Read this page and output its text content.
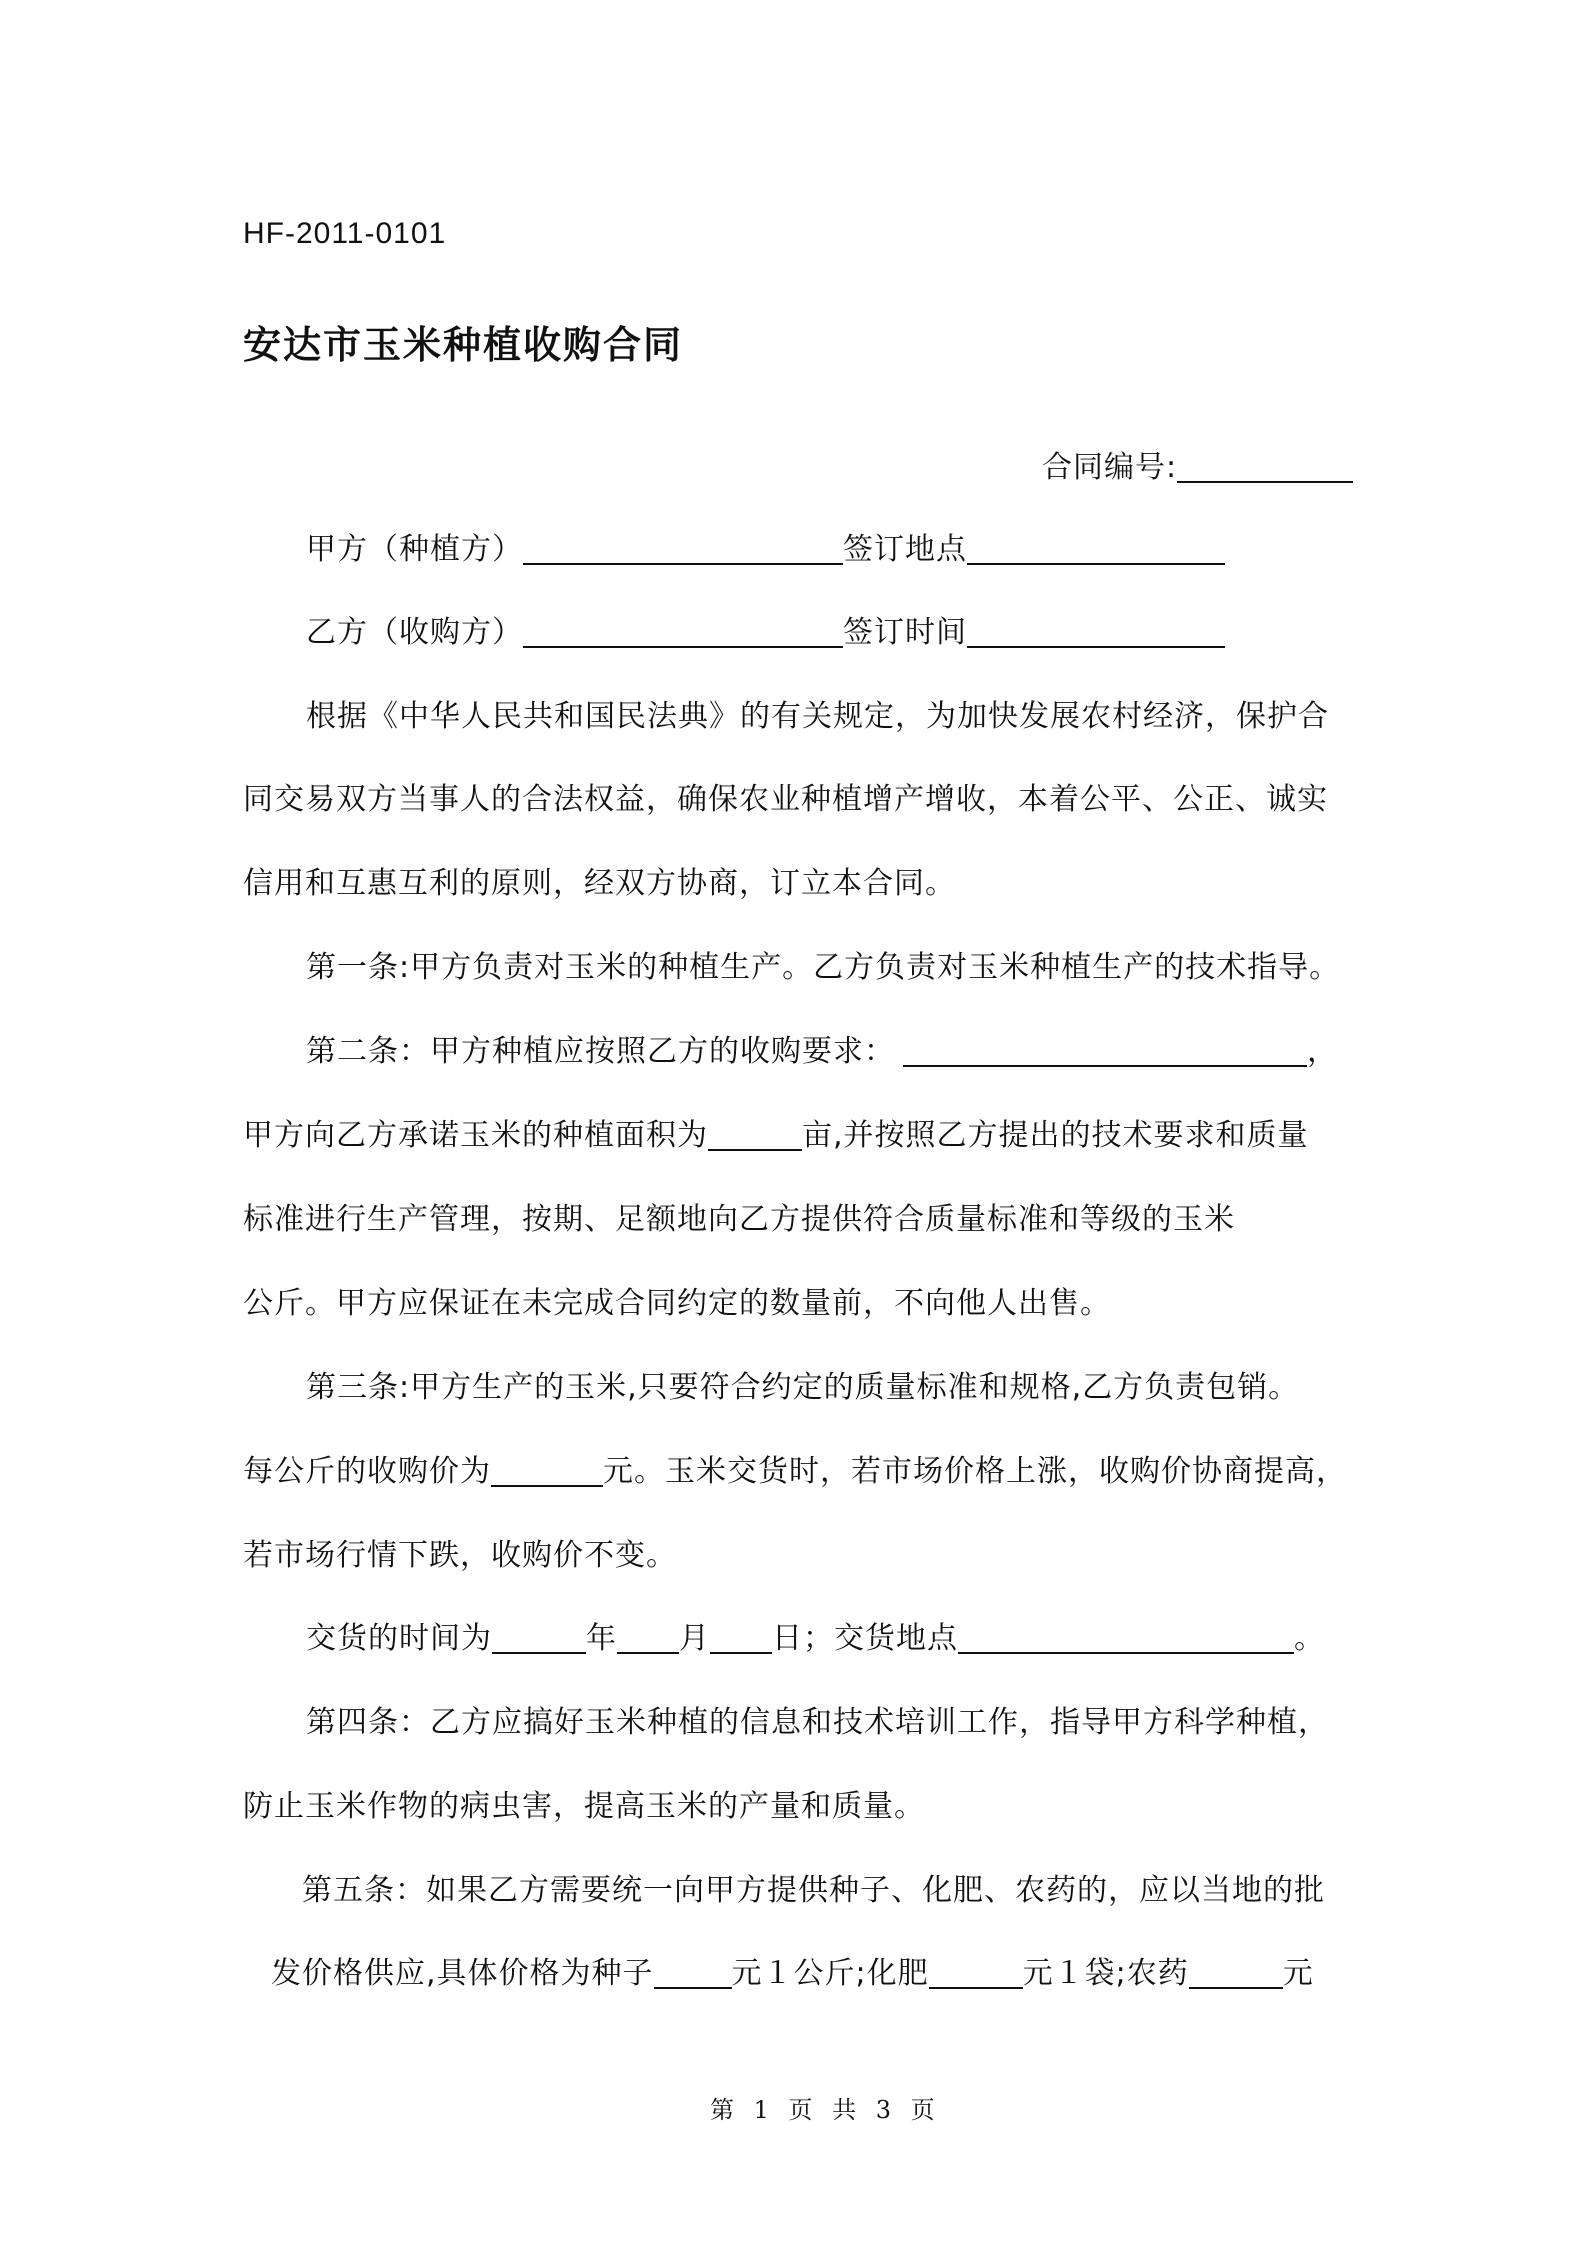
HF-2011-0101
安达市玉米种植收购合同
合同编号:
甲方（种植方）	签订地点
乙方（收购方）	签订时间
根据《中华人民共和国民法典》的有关规定，为加快发展农村经济，保护合
同交易双方当事人的合法权益，确保农业种植增产增收，本着公平、公正、诚实
信用和互惠互利的原则，经双方协商，订立本合同。
第一条:甲方负责对玉米的种植生产。乙方负责对玉米种植生产的技术指导。
第二条：甲方种植应按照乙方的收购要求：	，
甲方向乙方承诺玉米的种植面积为	亩,并按照乙方提出的技术要求和质量
标准进行生产管理，按期、足额地向乙方提供符合质量标准和等级的玉米
公斤。甲方应保证在未完成合同约定的数量前，不向他人出售。
第三条:甲方生产的玉米,只要符合约定的质量标准和规格,乙方负责包销。
每公斤的收购价为	元。玉米交货时，若市场价格上涨，收购价协商提高，
若市场行情下跌，收购价不变。
交货的时间为	年 月 日；交货地点	。
第四条：乙方应搞好玉米种植的信息和技术培训工作，指导甲方科学种植，
防止玉米作物的病虫害，提高玉米的产量和质量。
第五条：如果乙方需要统一向甲方提供种子、化肥、农药的，应以当地的批
发价格供应,具体价格为种子	元１公斤;化肥	元１袋;农药	元
第 1 页 共 3 页
